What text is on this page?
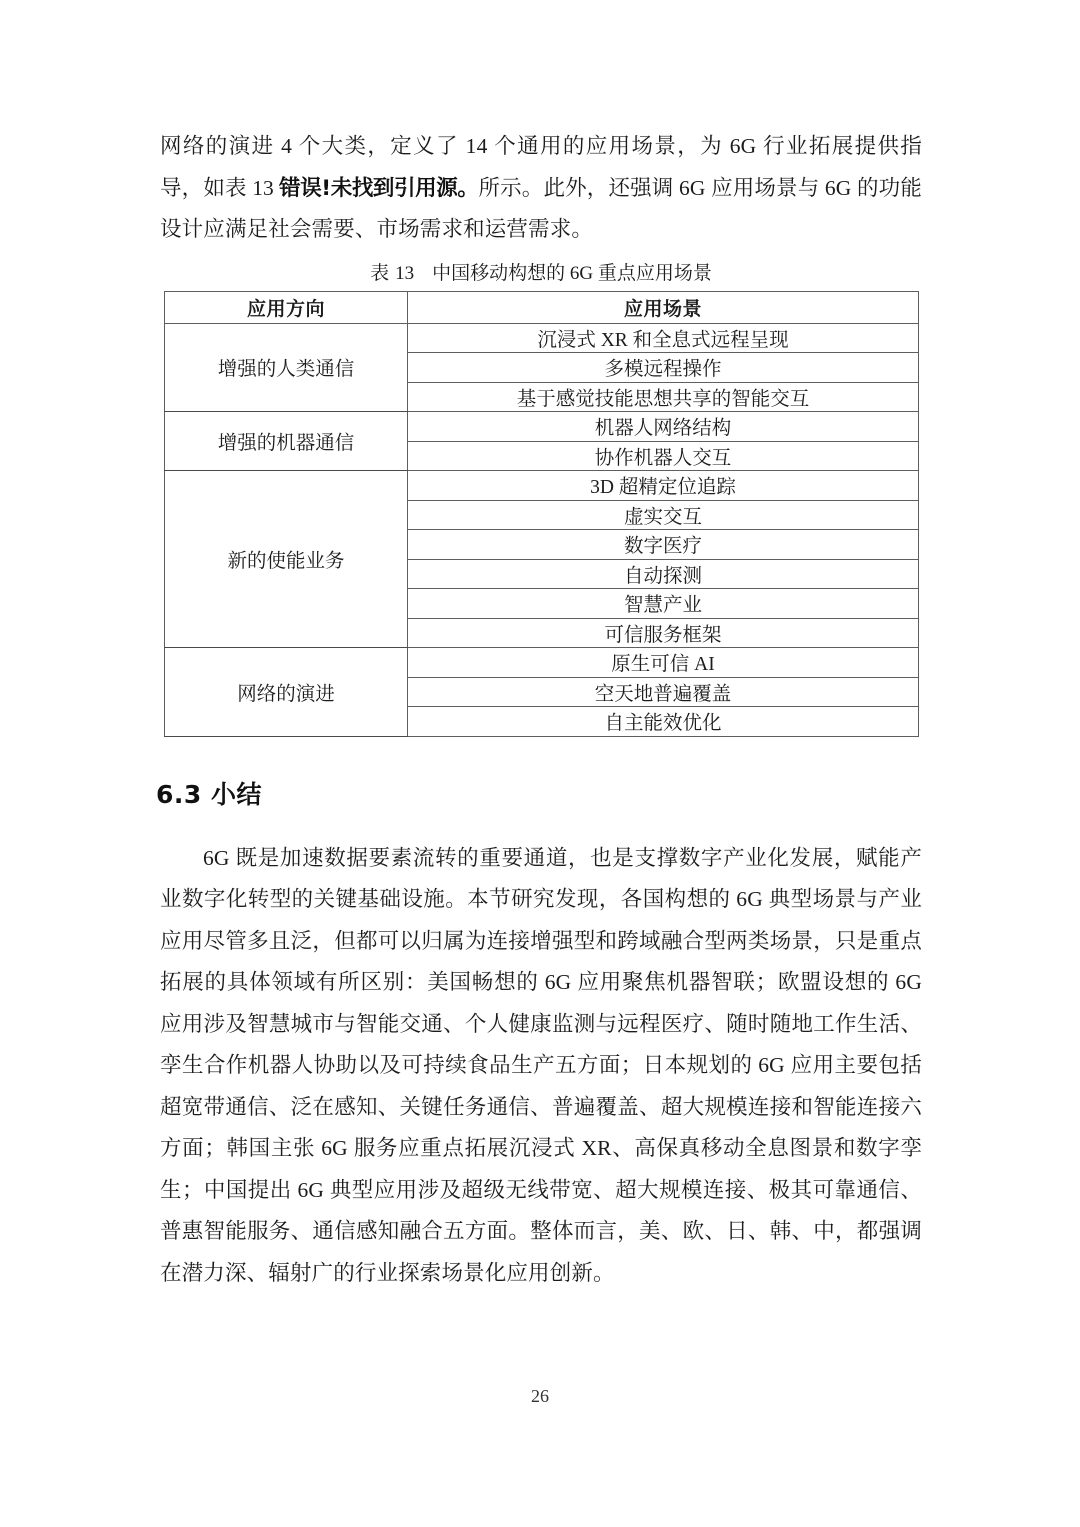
网络的演进 4 个大类，定义了 14 个通用的应用场景，为 6G 行业拓展提供指导，如表 13 错误!未找到引用源。所示。此外，还强调 6G 应用场景与 6G 的功能设计应满足社会需要、市场需求和运营需求。

表 13 中国移动构想的 6G 重点应用场景
应用方向	应用场景
增强的人类通信	沉浸式 XR 和全息式远程呈现
	多模远程操作
	基于感觉技能思想共享的智能交互
增强的机器通信	机器人网络结构
	协作机器人交互
新的使能业务	3D 超精定位追踪
	虚实交互
	数字医疗
	自动探测
	智慧产业
	可信服务框架
网络的演进	原生可信 AI
	空天地普遍覆盖
	自主能效优化
6.3 小结

6G 既是加速数据要素流转的重要通道，也是支撑数字产业化发展，赋能产业数字化转型的关键基础设施。本节研究发现，各国构想的 6G 典型场景与产业应用尽管多且泛，但都可以归属为连接增强型和跨域融合型两类场景，只是重点拓展的具体领域有所区别：美国畅想的 6G 应用聚焦机器智联；欧盟设想的 6G 应用涉及智慧城市与智能交通、个人健康监测与远程医疗、随时随地工作生活、孪生合作机器人协助以及可持续食品生产五方面；日本规划的 6G 应用主要包括超宽带通信、泛在感知、关键任务通信、普遍覆盖、超大规模连接和智能连接六方面；韩国主张 6G 服务应重点拓展沉浸式 XR、高保真移动全息图景和数字孪生；中国提出 6G 典型应用涉及超级无线带宽、超大规模连接、极其可靠通信、普惠智能服务、通信感知融合五方面。整体而言，美、欧、日、韩、中，都强调在潜力深、辐射广的行业探索场景化应用创新。

26
